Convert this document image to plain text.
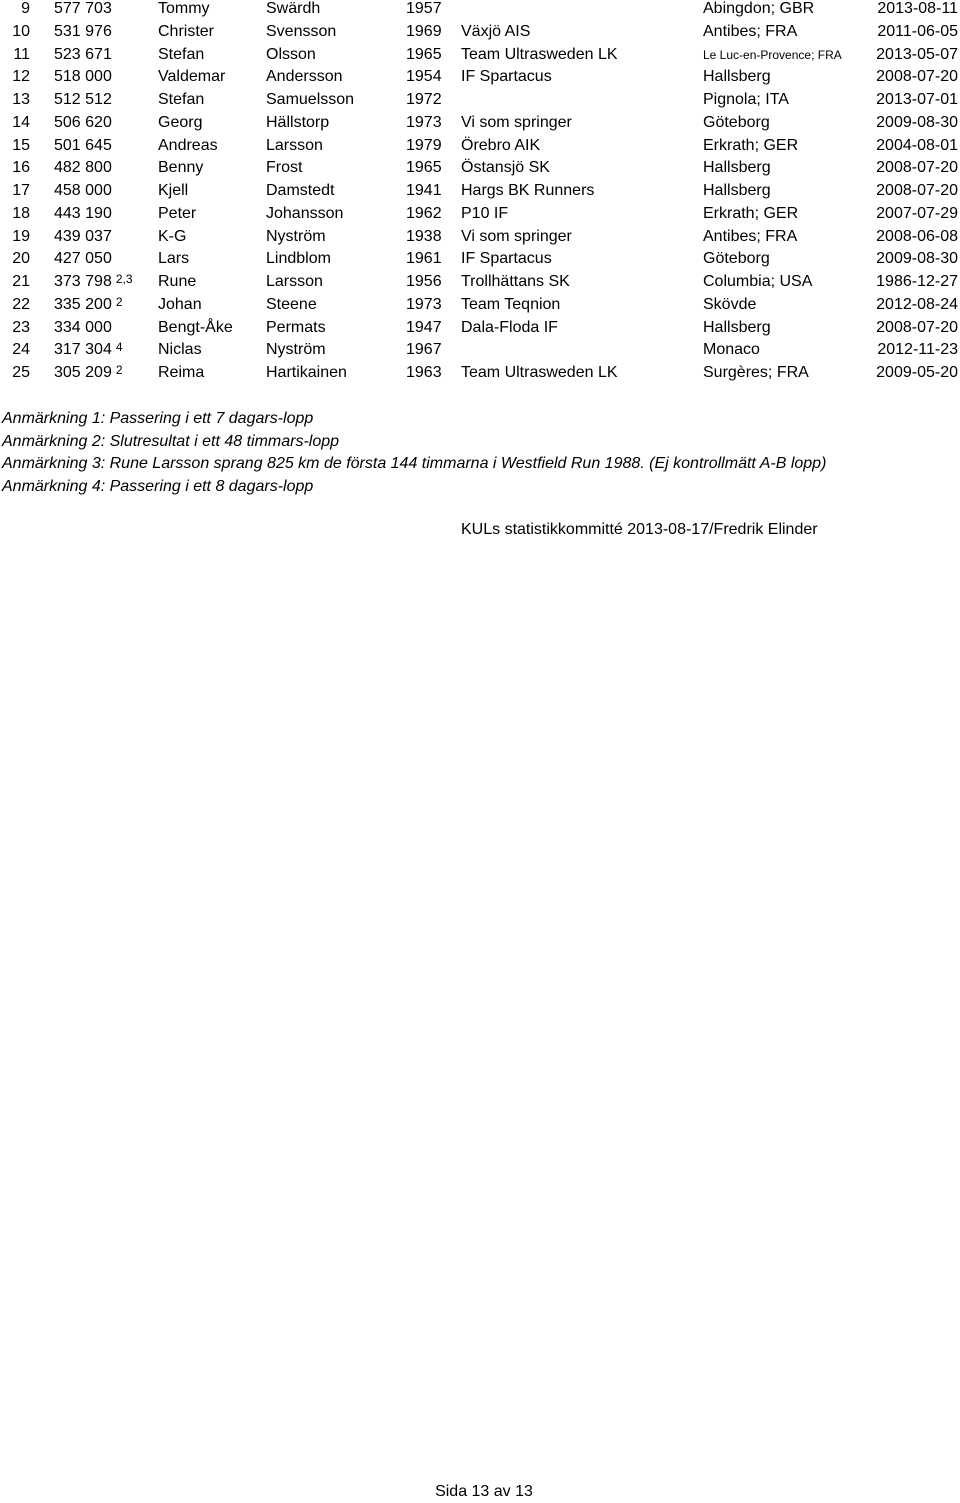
9 577 703	Tommy	Swärdh	1957	Abingdon; GBR	2013-08-11
10 531 976	Christer	Svensson	1969 Växjö AIS	Antibes; FRA	2011-06-05
11 523 671	Stefan	Olsson	1965 Team Ultrasweden LK	Le Luc-en-Provence; FRA 2013-05-07
12 518 000	Valdemar	Andersson	1954 IF Spartacus	Hallsberg	2008-07-20
13 512 512	Stefan	Samuelsson	1972	Pignola; ITA	2013-07-01
14 506 620	Georg	Hällstorp	1973 Vi som springer	Göteborg	2009-08-30
15 501 645	Andreas	Larsson	1979 Örebro AIK	Erkrath; GER	2004-08-01
16 482 800	Benny	Frost	1965 Östansjö SK	Hallsberg	2008-07-20
17 458 000	Kjell	Damstedt	1941 Hargs BK Runners	Hallsberg	2008-07-20
18 443 190	Peter	Johansson	1962 P10 IF	Erkrath; GER	2007-07-29
19 439 037	K-G	Nyström	1938 Vi som springer	Antibes; FRA	2008-06-08
20 427 050	Lars	Lindblom	1961 IF Spartacus	Göteborg	2009-08-30
21 373 798 $^{2,3}$ Rune	Larsson	1956 Trollhättans SK	Columbia; USA	1986-12-27
22 335 200 $^2$ Johan	Steene	1973 Team Teqnion	Skövde	2012-08-24
23 334 000	Bengt-Åke Permats	1947 Dala-Floda IF	Hallsberg	2008-07-20
24 317 304 $^4$ Niclas	Nyström	1967	Monaco	2012-11-23
25 305 209 $^2$ Reima	Hartikainen	1963 Team Ultrasweden LK	Surgères; FRA	2009-05-20
Anmärkning 1: Passering i ett 7 dagars-lopp
Anmärkning 2: Slutresultat i ett 48 timmars-lopp
Anmärkning 3: Rune Larsson sprang 825 km de första 144 timmarna i Westfield Run 1988. (Ej kontrollmätt A-B lopp)
Anmärkning 4: Passering i ett 8 dagars-lopp
KULs statistikkommitté 2013-08-17/Fredrik Elinder
Sida 13 av 13
